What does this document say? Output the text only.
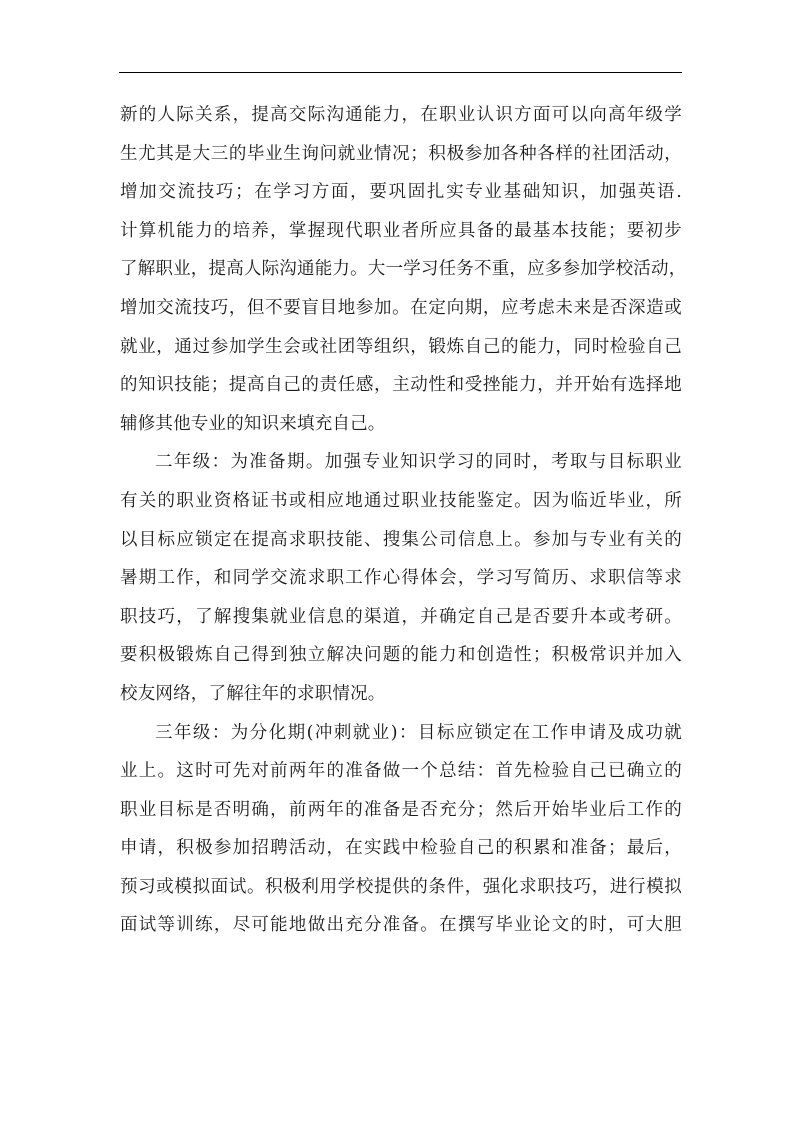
新的人际关系，提高交际沟通能力，在职业认识方面可以向高年级学
生尤其是大三的毕业生询问就业情况；积极参加各种各样的社团活动，
增加交流技巧；在学习方面，要巩固扎实专业基础知识，加强英语.
计算机能力的培养，掌握现代职业者所应具备的最基本技能；要初步
了解职业，提高人际沟通能力。大一学习任务不重，应多参加学校活动，
增加交流技巧，但不要盲目地参加。在定向期，应考虑未来是否深造或
就业，通过参加学生会或社团等组织，锻炼自己的能力，同时检验自己
的知识技能；提高自己的责任感，主动性和受挫能力，并开始有选择地
辅修其他专业的知识来填充自己。
二年级：为准备期。加强专业知识学习的同时，考取与目标职业
有关的职业资格证书或相应地通过职业技能鉴定。因为临近毕业，所
以目标应锁定在提高求职技能、搜集公司信息上。参加与专业有关的
暑期工作，和同学交流求职工作心得体会，学习写简历、求职信等求
职技巧，了解搜集就业信息的渠道，并确定自己是否要升本或考研。
要积极锻炼自己得到独立解决问题的能力和创造性；积极常识并加入
校友网络，了解往年的求职情况。
三年级：为分化期(冲刺就业)：目标应锁定在工作申请及成功就
业上。这时可先对前两年的准备做一个总结：首先检验自己已确立的
职业目标是否明确，前两年的准备是否充分；然后开始毕业后工作的
申请，积极参加招聘活动，在实践中检验自己的积累和准备；最后，
预习或模拟面试。积极利用学校提供的条件，强化求职技巧，进行模拟
面试等训练，尽可能地做出充分准备。在撰写毕业论文的时，可大胆
